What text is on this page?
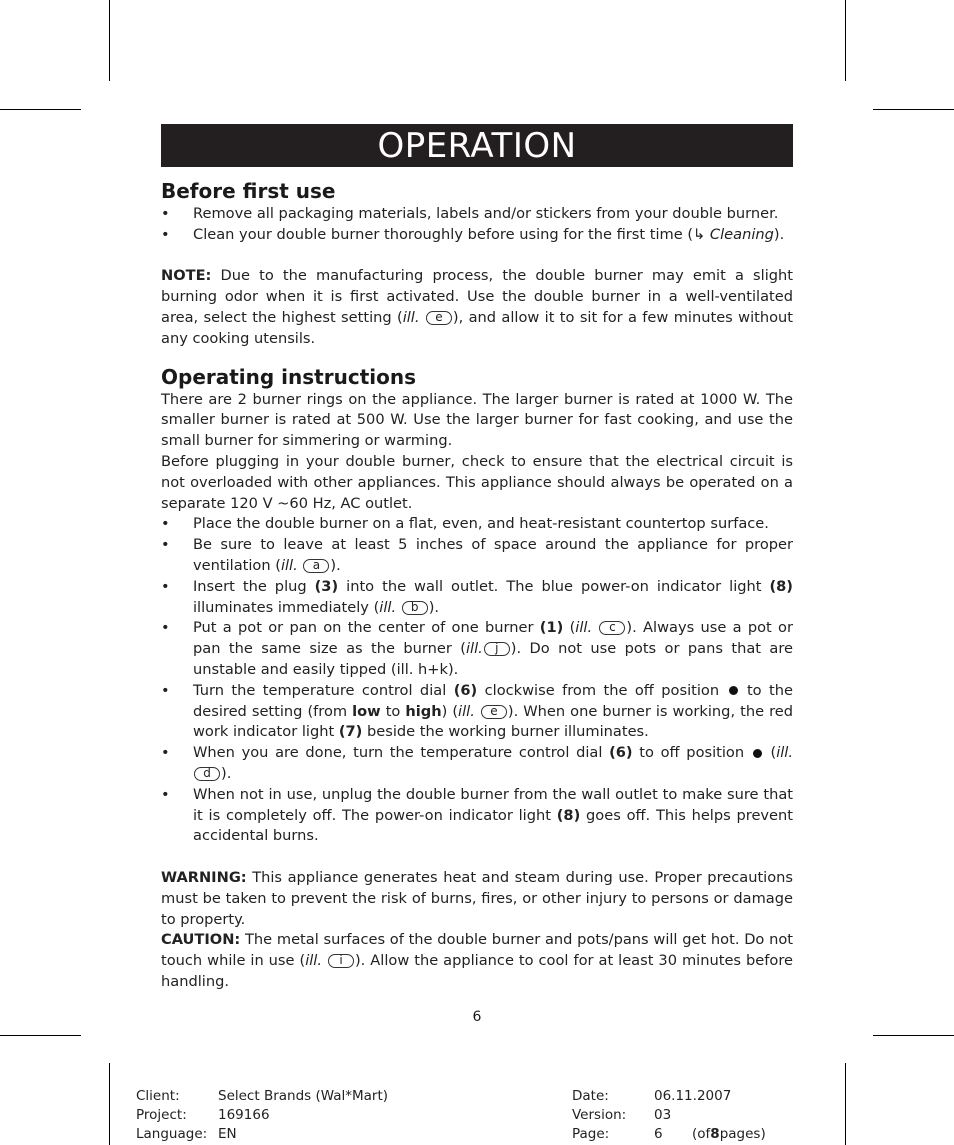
OPERATION
Before first use
• Remove all packaging materials, labels and/or stickers from your double burner.
• Clean your double burner thoroughly before using for the first time (↳ Cleaning).

NOTE: Due to the manufacturing process, the double burner may emit a slight burning odor when it is first activated. Use the double burner in a well-ventilated area, select the highest setting (ill. e ), and allow it to sit for a few minutes without any cooking utensils.

Operating instructions

There are 2 burner rings on the appliance. The larger burner is rated at 1000 W. The smaller burner is rated at 500 W. Use the larger burner for fast cooking, and use the small burner for simmering or warming.

Before plugging in your double burner, check to ensure that the electrical circuit is not overloaded with other appliances. This appliance should always be operated on a separate 120 V ~60 Hz, AC outlet.

• Place the double burner on a flat, even, and heat-resistant countertop surface.
• Be sure to leave at least 5 inches of space around the appliance for proper ventilation (ill. a ).
• Insert the plug (3) into the wall outlet. The blue power-on indicator light (8) illuminates immediately (ill. b ).
• Put a pot or pan on the center of one burner (1) (ill. c ). Always use a pot or pan the same size as the burner (ill. j ). Do not use pots or pans that are unstable and easily tipped (ill. h+k).
• Turn the temperature control dial (6) clockwise from the off position  to the desired setting (from low to high) (ill. e ). When one burner is working, the red work indicator light (7) beside the working burner illuminates.
• When you are done, turn the temperature control dial (6) to off position  (ill. d ).
• When not in use, unplug the double burner from the wall outlet to make sure that it is completely off. The power-on indicator light (8) goes off. This helps prevent accidental burns.

WARNING: This appliance generates heat and steam during use. Proper precautions must be taken to prevent the risk of burns, fires, or other injury to persons or damage to property.

CAUTION: The metal surfaces of the double burner and pots/pans will get hot. Do not touch while in use (ill. i ). Allow the appliance to cool for at least 30 minutes before handling.

6
Client:	Select Brands (Wal*Mart)
Project:	169166
Language: EN
Date:	06.11.2007
Version:	03
Page:	6	(of 8 pages)
